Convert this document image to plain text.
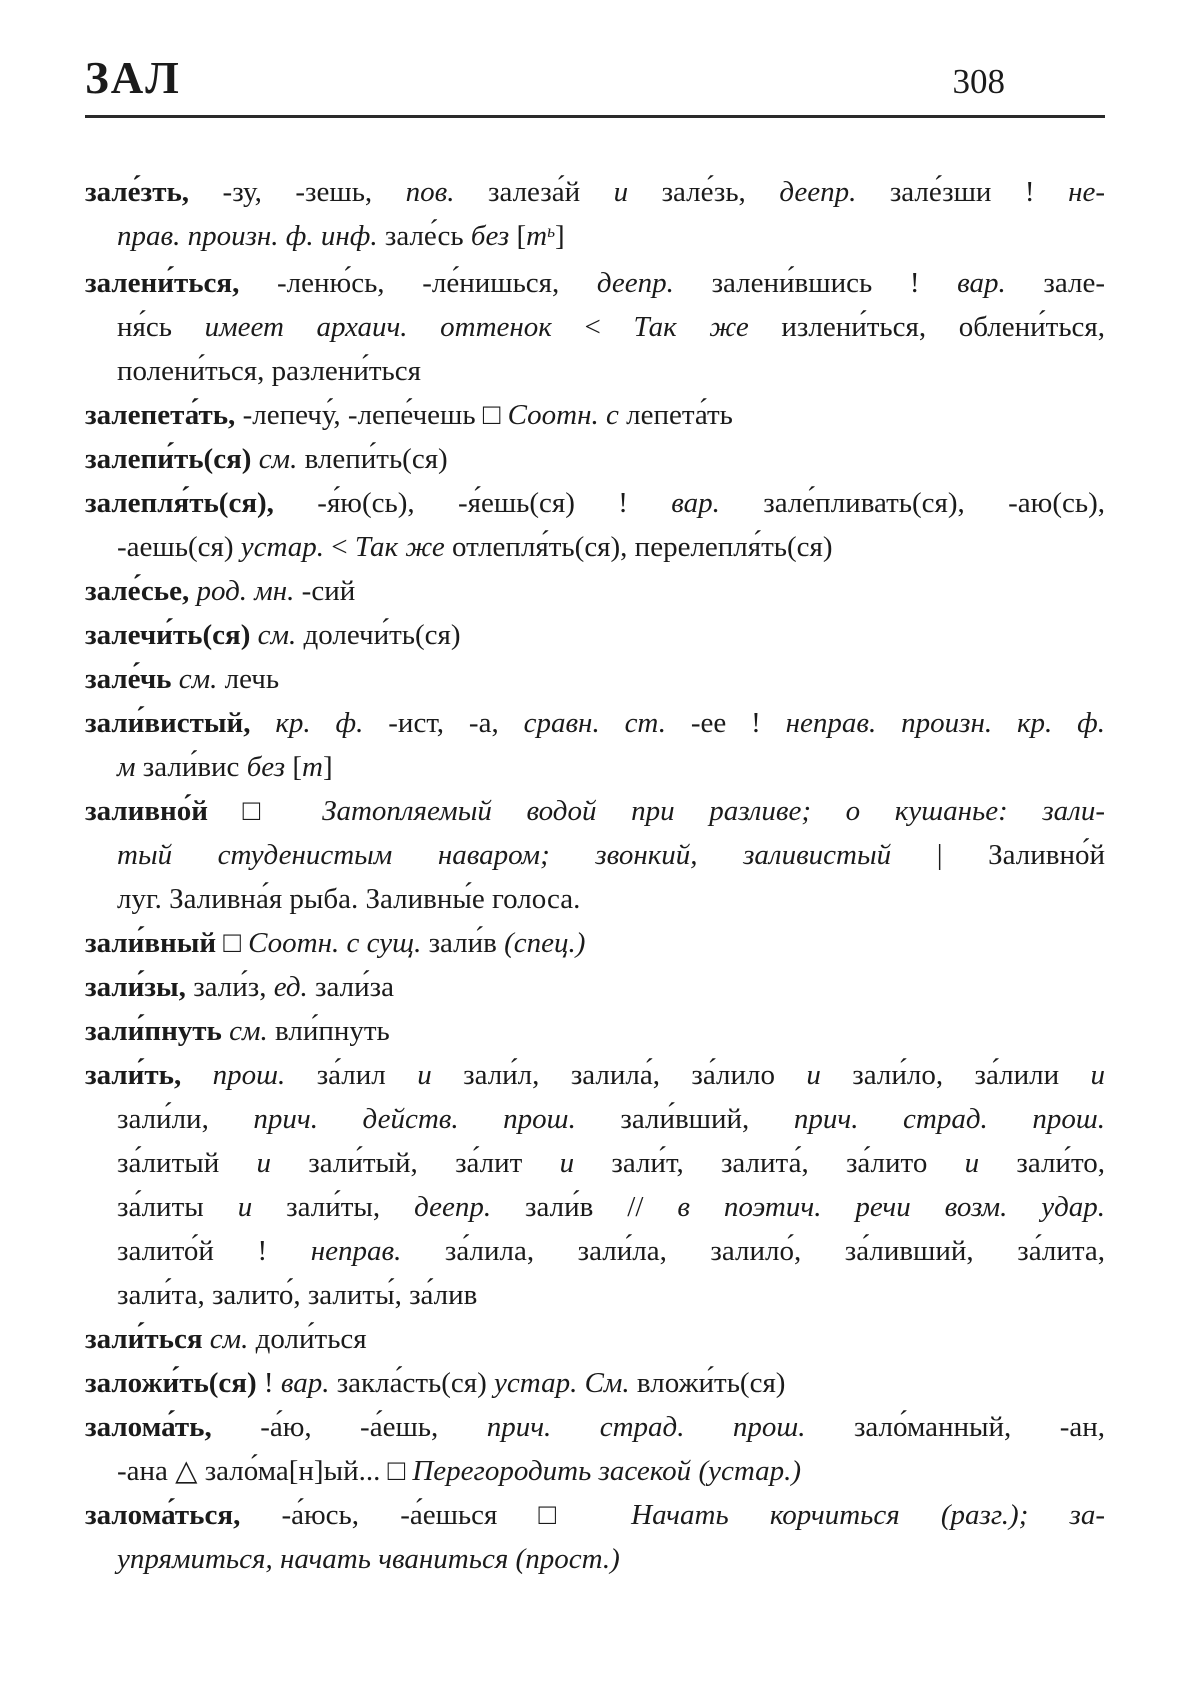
ЗАЛ	308
зале́зть, -зу, -зешь, пов. залеза́й и зале́зь, деепр. зале́зши ! не-
прав. произн. ф. инф. зале́сь без $[т^ь]$
залени́ться, -леню́сь, -ле́нишься, деепр. залени́вшись ! вар. зале-
ня́сь имеет архаич. оттенок < Так же излени́ться, облени́ться,
полени́ться, разлени́ться
залепета́ть, -лепечу́, -лепе́чешь □ Соотн. с лепета́ть
залепи́ть(ся) см. влепи́ть(ся)
залепля́ть(ся), -я́ю(сь), -я́ешь(ся) ! вар. зале́пливать(ся), -аю(сь),
-аешь(ся) устар. < Так же отлепля́ть(ся), перелепля́ть(ся)
зале́сье, род. мн. -сий
залечи́ть(ся) см. долечи́ть(ся)
зале́чь см. лечь
зали́вистый, кр. ф. -ист, -а, сравн. ст. -ее ! неправ. произн. кр. ф.
м зали́вис без [т]
заливно́й □ Затопляемый водой при разливе; о кушанье: зали-
тый студенистым наваром; звонкий, заливистый | Заливно́й
луг. Заливна́я рыба. Заливны́е голоса.
зали́вный □ Соотн. с сущ. зали́в (спец.)
зали́зы, зали́з, ед. зали́за
зали́пнуть см. вли́пнуть
зали́ть, прош. за́лил и зали́л, залила́, за́лило и зали́ло, за́лили и
зали́ли, прич. действ. прош. зали́вший, прич. страд. прош.
за́литый и зали́тый, за́лит и зали́т, залита́, за́лито и зали́то,
за́литы и зали́ты, деепр. зали́в // в поэтич. речи возм. удар.
залито́й ! неправ. за́лила, зали́ла, залило́, за́ливший, за́лита,
зали́та, залито́, залиты́, за́лив
зали́ться см. доли́ться
заложи́ть(ся) ! вар. закла́сть(ся) устар. См. вложи́ть(ся)
залома́ть, -а́ю, -а́ешь, прич. страд. прош. зало́манный, -ан,
-ана △ зало́ма[н]ый... □ Перегородить засекой (устар.)
залома́ться, -а́юсь, -а́ешься □ Начать корчиться (разг.); за-
упрямиться, начать чваниться (прост.)
